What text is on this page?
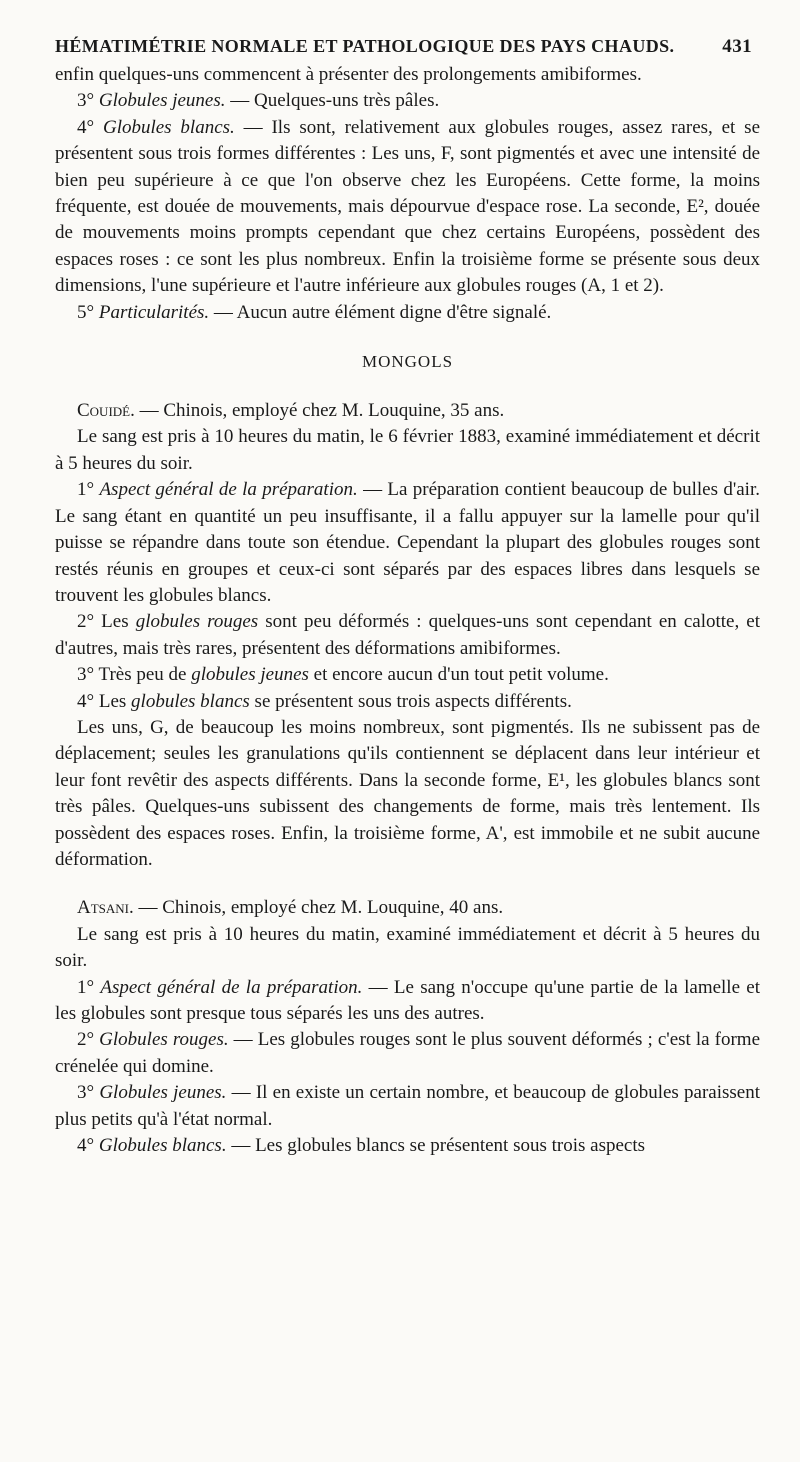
HÉMATIMÉTRIE NORMALE ET PATHOLOGIQUE DES PAYS CHAUDS.	431

enfin quelques-uns commencent à présenter des prolongements amibiformes.

3° Globules jeunes. — Quelques-uns très pâles.

4° Globules blancs. — Ils sont, relativement aux globules rouges, assez rares, et se présentent sous trois formes différentes : Les uns, F, sont pigmentés et avec une intensité de bien peu supérieure à ce que l'on observe chez les Européens. Cette forme, la moins fréquente, est douée de mouvements, mais dépourvue d'espace rose. La seconde, E², douée de mouvements moins prompts cependant que chez certains Européens, possèdent des espaces roses : ce sont les plus nombreux. Enfin la troisième forme se présente sous deux dimensions, l'une supérieure et l'autre inférieure aux globules rouges (A, 1 et 2).

5° Particularités. — Aucun autre élément digne d'être signalé.

MONGOLS

Couidé. — Chinois, employé chez M. Louquine, 35 ans.

Le sang est pris à 10 heures du matin, le 6 février 1883, examiné immédiatement et décrit à 5 heures du soir.

1° Aspect général de la préparation. — La préparation contient beaucoup de bulles d'air. Le sang étant en quantité un peu insuffisante, il a fallu appuyer sur la lamelle pour qu'il puisse se répandre dans toute son étendue. Cependant la plupart des globules rouges sont restés réunis en groupes et ceux-ci sont séparés par des espaces libres dans lesquels se trouvent les globules blancs.

2° Les globules rouges sont peu déformés : quelques-uns sont cependant en calotte, et d'autres, mais très rares, présentent des déformations amibiformes.

3° Très peu de globules jeunes et encore aucun d'un tout petit volume.

4° Les globules blancs se présentent sous trois aspects différents.

Les uns, G, de beaucoup les moins nombreux, sont pigmentés. Ils ne subissent pas de déplacement; seules les granulations qu'ils contiennent se déplacent dans leur intérieur et leur font revêtir des aspects différents. Dans la seconde forme, E¹, les globules blancs sont très pâles. Quelques-uns subissent des changements de forme, mais très lentement. Ils possèdent des espaces roses. Enfin, la troisième forme, A', est immobile et ne subit aucune déformation.

Atsani. — Chinois, employé chez M. Louquine, 40 ans.

Le sang est pris à 10 heures du matin, examiné immédiatement et décrit à 5 heures du soir.

1° Aspect général de la préparation. — Le sang n'occupe qu'une partie de la lamelle et les globules sont presque tous séparés les uns des autres.

2° Globules rouges. — Les globules rouges sont le plus souvent déformés ; c'est la forme crénelée qui domine.

3° Globules jeunes. — Il en existe un certain nombre, et beaucoup de globules paraissent plus petits qu'à l'état normal.

4° Globules blancs. — Les globules blancs se présentent sous trois aspects
